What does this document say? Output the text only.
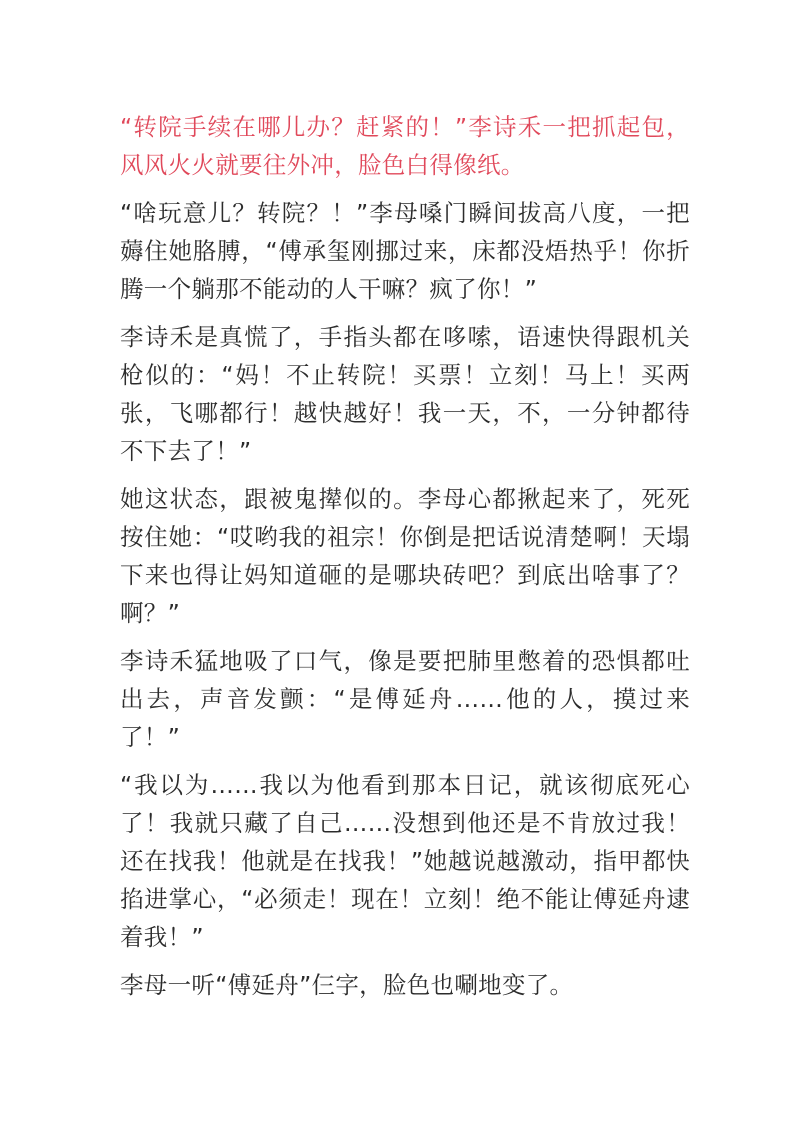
“转院手续在哪儿办？赶紧的！”李诗禾一把抓起包，风风火火就要往外冲，脸色白得像纸。

“啥玩意儿？转院？！”李母嗓门瞬间拔高八度，一把薅住她胳膊，“傅承玺刚挪过来，床都没焐热乎！你折腾一个躺那不能动的人干嘛？疯了你！”

李诗禾是真慌了，手指头都在哆嗦，语速快得跟机关枪似的：“妈！不止转院！买票！立刻！马上！买两张，飞哪都行！越快越好！我一天，不，一分钟都待不下去了！”

她这状态，跟被鬼撵似的。李母心都揪起来了，死死按住她：“哎哟我的祖宗！你倒是把话说清楚啊！天塌下来也得让妈知道砸的是哪块砖吧？到底出啥事了？啊？”

李诗禾猛地吸了口气，像是要把肺里憋着的恐惧都吐出去，声音发颤：“是傅延舟……他的人，摸过来了！”

“我以为……我以为他看到那本日记，就该彻底死心了！我就只藏了自己……没想到他还是不肯放过我！还在找我！他就是在找我！”她越说越激动，指甲都快掐进掌心，“必须走！现在！立刻！绝不能让傅延舟逮着我！”

李母一听“傅延舟”仨字，脸色也唰地变了。
